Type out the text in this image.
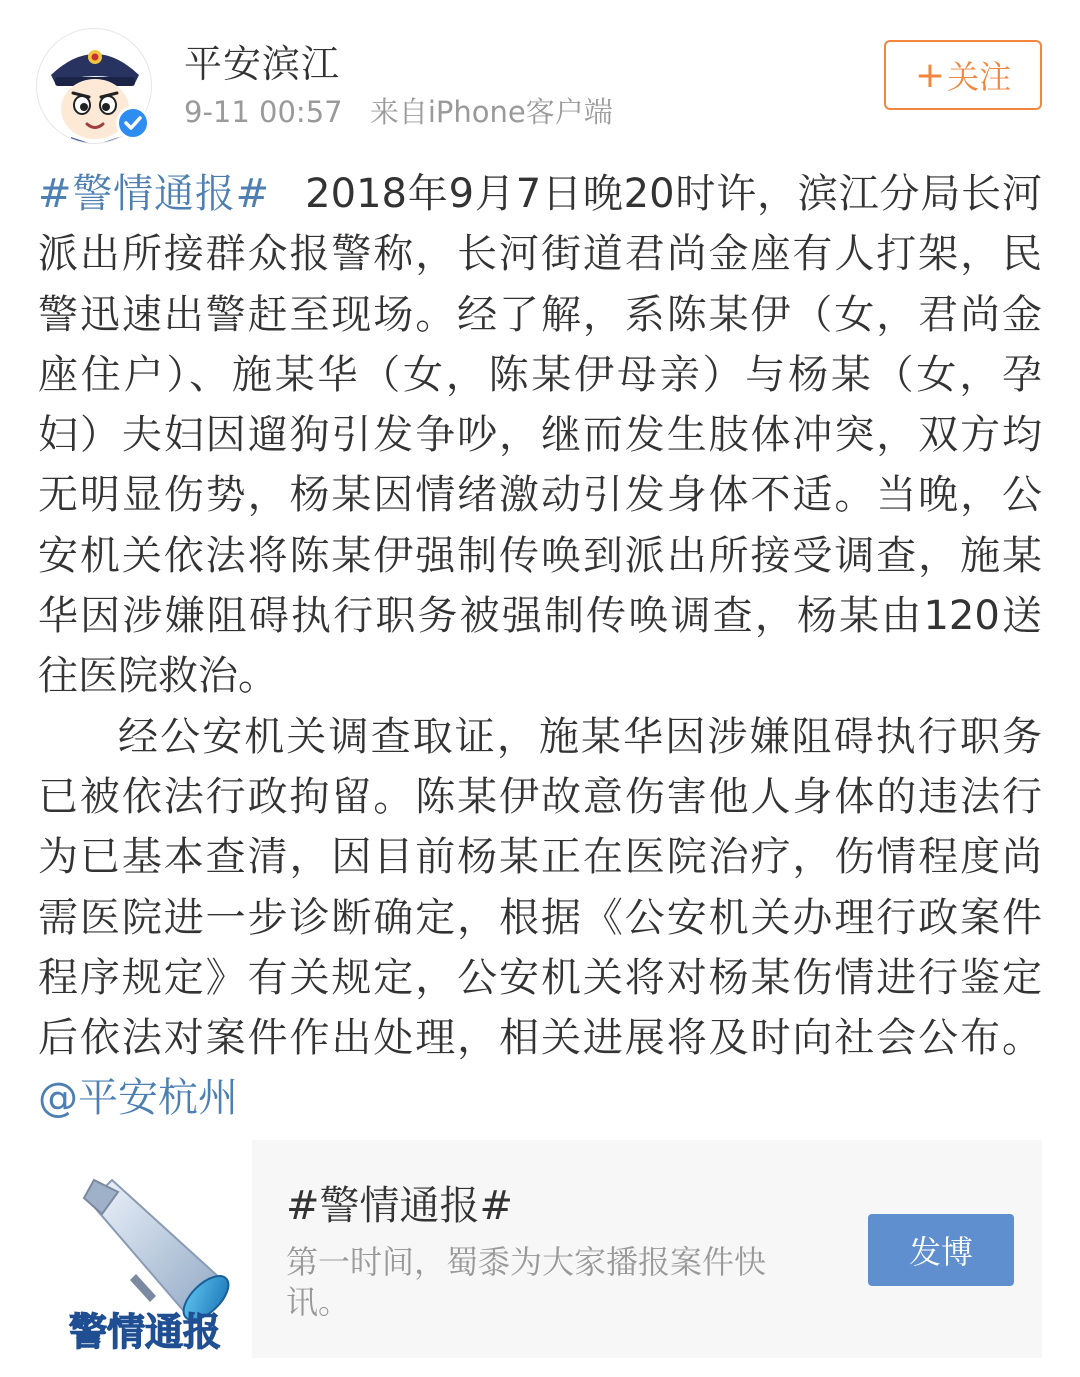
平安滨江
9-11 00:57 来自iPhone客户端
+ 关注
#警情通报# 2018年9月7日晚20时许，滨江分局长河
派出所接群众报警称，长河街道君尚金座有人打架，民
警迅速出警赶至现场。经了解，系陈某伊（女，君尚金
座住户）、施某华（女，陈某伊母亲）与杨某（女，孕
妇）夫妇因遛狗引发争吵，继而发生肢体冲突，双方均
无明显伤势，杨某因情绪激动引发身体不适。当晚，公
安机关依法将陈某伊强制传唤到派出所接受调查，施某
华因涉嫌阻碍执行职务被强制传唤调查，杨某由120送
往医院救治。
经公安机关调查取证，施某华因涉嫌阻碍执行职务
已被依法行政拘留。陈某伊故意伤害他人身体的违法行
为已基本查清，因目前杨某正在医院治疗，伤情程度尚
需医院进一步诊断确定，根据《公安机关办理行政案件
程序规定》有关规定，公安机关将对杨某伤情进行鉴定
后依法对案件作出处理，相关进展将及时向社会公布。
@平安杭州
警情通报
#警情通报#
第一时间，蜀黍为大家播报案件快讯。
发博
